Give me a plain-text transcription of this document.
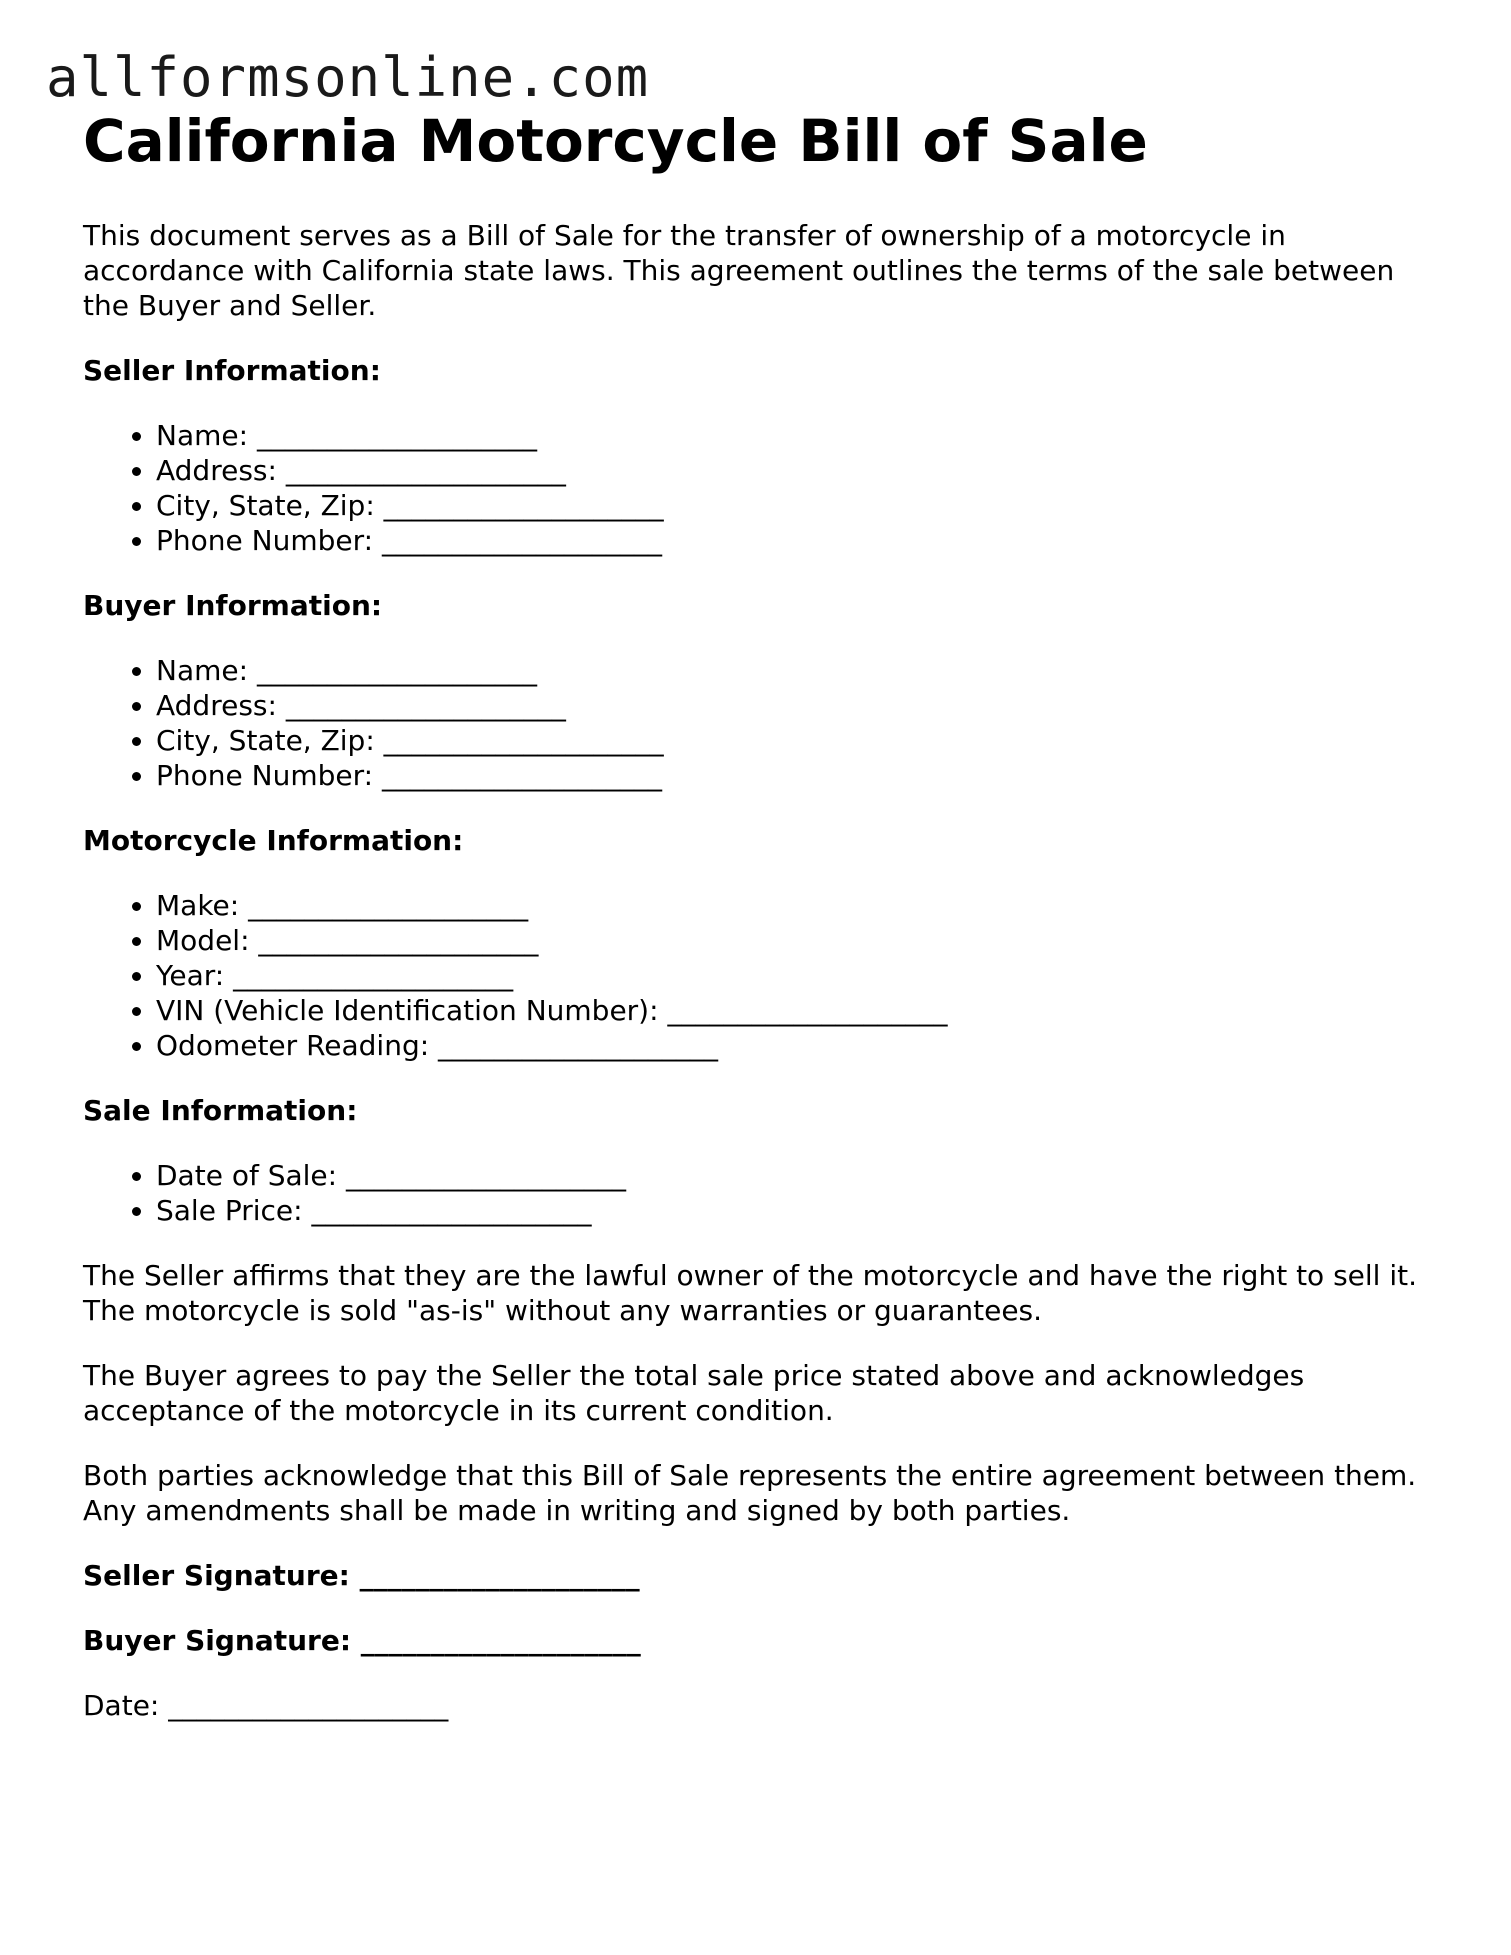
allformsonline.com
California Motorcycle Bill of Sale

This document serves as a Bill of Sale for the transfer of ownership of a motorcycle in accordance with California state laws. This agreement outlines the terms of the sale between the Buyer and Seller.

Seller Information:

• Name: ____________________
• Address: ____________________
• City, State, Zip: ____________________
• Phone Number: ____________________

Buyer Information:

• Name: ____________________
• Address: ____________________
• City, State, Zip: ____________________
• Phone Number: ____________________

Motorcycle Information:

• Make: ____________________
• Model: ____________________
• Year: ____________________
• VIN (Vehicle Identification Number): ____________________
• Odometer Reading: ____________________

Sale Information:

• Date of Sale: ____________________
• Sale Price: ____________________

The Seller affirms that they are the lawful owner of the motorcycle and have the right to sell it. The motorcycle is sold "as-is" without any warranties or guarantees.

The Buyer agrees to pay the Seller the total sale price stated above and acknowledges acceptance of the motorcycle in its current condition.

Both parties acknowledge that this Bill of Sale represents the entire agreement between them. Any amendments shall be made in writing and signed by both parties.

Seller Signature: ____________________

Buyer Signature: ____________________

Date: ____________________
